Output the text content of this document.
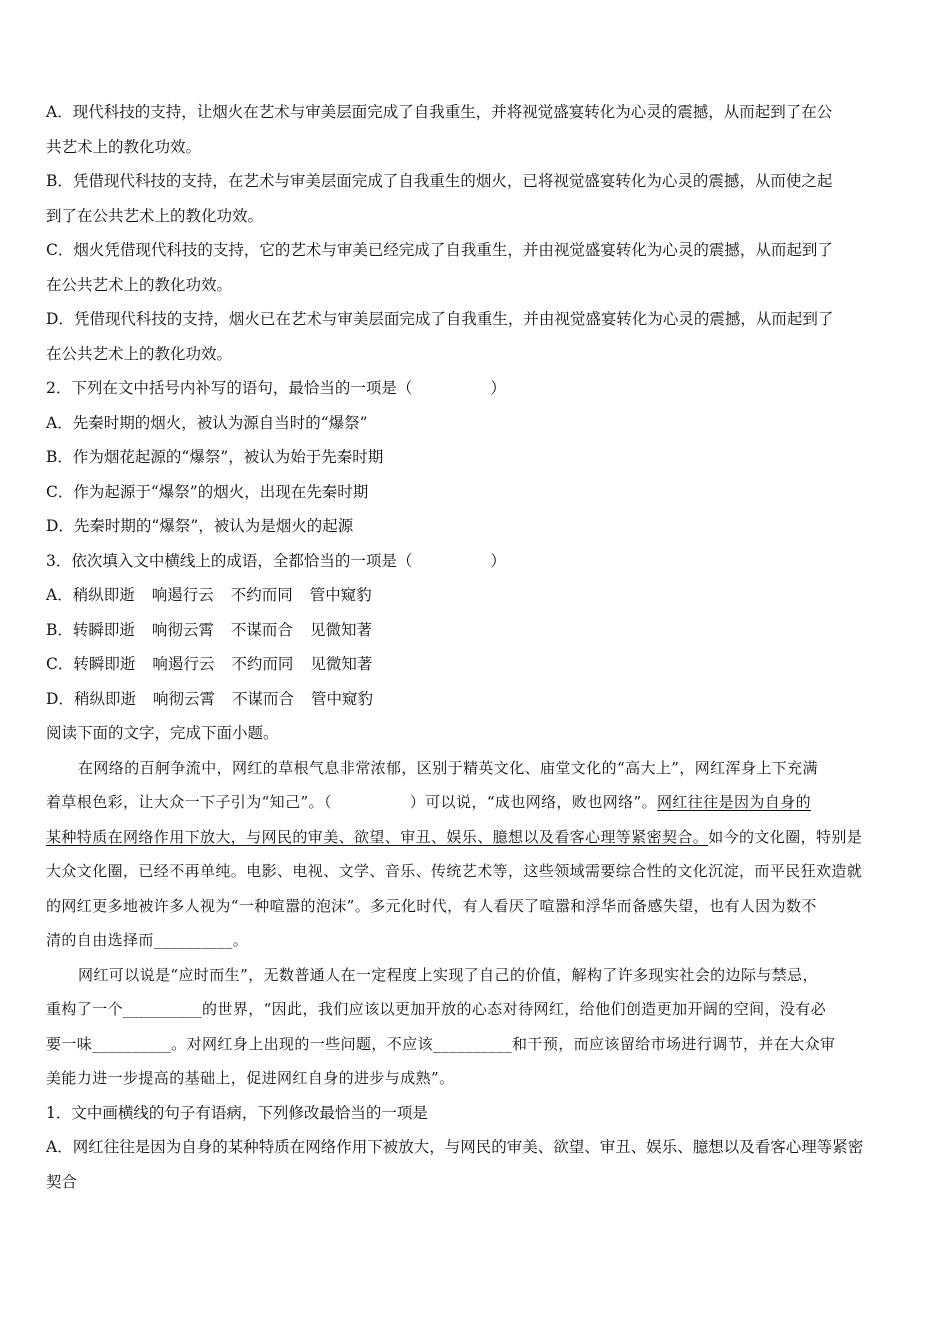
A．现代科技的支持，让烟火在艺术与审美层面完成了自我重生，并将视觉盛宴转化为心灵的震撼，从而起到了在公
共艺术上的教化功效。
B．凭借现代科技的支持，在艺术与审美层面完成了自我重生的烟火，已将视觉盛宴转化为心灵的震撼，从而使之起
到了在公共艺术上的教化功效。
C．烟火凭借现代科技的支持，它的艺术与审美已经完成了自我重生，并由视觉盛宴转化为心灵的震撼，从而起到了
在公共艺术上的教化功效。
D．凭借现代科技的支持，烟火已在艺术与审美层面完成了自我重生，并由视觉盛宴转化为心灵的震撼，从而起到了
在公共艺术上的教化功效。
2．下列在文中括号内补写的语句，最恰当的一项是（	）
A．先秦时期的烟火，被认为源自当时的“爆祭”
B．作为烟花起源的“爆祭”，被认为始于先秦时期
C．作为起源于“爆祭”的烟火，出现在先秦时期
D．先秦时期的“爆祭”，被认为是烟火的起源
3．依次填入文中横线上的成语，全都恰当的一项是（	）
A．稍纵即逝 响遏行云 不约而同 管中窥豹
B．转瞬即逝 响彻云霄 不谋而合 见微知著
C．转瞬即逝 响遏行云 不约而同 见微知著
D．稍纵即逝 响彻云霄 不谋而合 管中窥豹
阅读下面的文字，完成下面小题。
在网络的百舸争流中，网红的草根气息非常浓郁，区别于精英文化、庙堂文化的“高大上”，网红浑身上下充满
着草根色彩，让大众一下子引为“知己”。（	）可以说，“成也网络，败也网络”。网红往往是因为自身的
某种特质在网络作用下放大，与网民的审美、欲望、审丑、娱乐、臆想以及看客心理等紧密契合。如今的文化圈，特别是
大众文化圈，已经不再单纯。电影、电视、文学、音乐、传统艺术等，这些领域需要综合性的文化沉淀，而平民狂欢造就
的网红更多地被许多人视为“一种喧嚣的泡沫”。多元化时代，有人看厌了喧嚣和浮华而备感失望，也有人因为数不
清的自由选择而__________。
网红可以说是“应时而生”，无数普通人在一定程度上实现了自己的价值，解构了许多现实社会的边际与禁忌，
重构了一个__________的世界，“因此，我们应该以更加开放的心态对待网红，给他们创造更加开阔的空间，没有必
要一味__________。对网红身上出现的一些问题，不应该__________和干预，而应该留给市场进行调节，并在大众审
美能力进一步提高的基础上，促进网红自身的进步与成熟”。
1．文中画横线的句子有语病，下列修改最恰当的一项是
A．网红往往是因为自身的某种特质在网络作用下被放大，与网民的审美、欲望、审丑、娱乐、臆想以及看客心理等紧密
契合
